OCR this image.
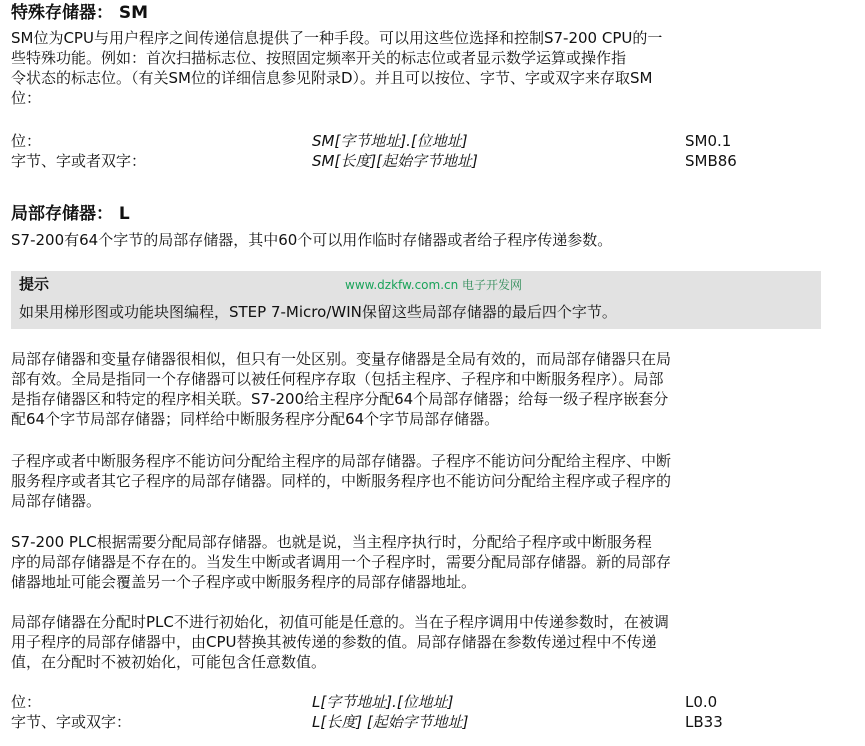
特殊存储器： SM
SM位为CPU与用户程序之间传递信息提供了一种手段。可以用这些位选择和控制S7-200 CPU的一
些特殊功能。例如：首次扫描标志位、按照固定频率开关的标志位或者显示数学运算或操作指
令状态的标志位。（有关SM位的详细信息参见附录D）。并且可以按位、字节、字或双字来存取SM
位：
位：	SM[字节地址].[位地址]	SM0.1
字节、字或者双字：	SM[长度][起始字节地址]	SMB86
局部存储器： L
S7-200有64个字节的局部存储器，其中60个可以用作临时存储器或者给子程序传递参数。
提示
如果用梯形图或功能块图编程，STEP 7-Micro/WIN保留这些局部存储器的最后四个字节。
www.dzkfw.com.cn 电子开发网
局部存储器和变量存储器很相似，但只有一处区别。变量存储器是全局有效的，而局部存储器只在局
部有效。全局是指同一个存储器可以被任何程序存取（包括主程序、子程序和中断服务程序）。局部
是指存储器区和特定的程序相关联。S7-200给主程序分配64个局部存储器；给每一级子程序嵌套分
配64个字节局部存储器；同样给中断服务程序分配64个字节局部存储器。
子程序或者中断服务程序不能访问分配给主程序的局部存储器。子程序不能访问分配给主程序、中断
服务程序或者其它子程序的局部存储器。同样的，中断服务程序也不能访问分配给主程序或子程序的
局部存储器。
S7-200 PLC根据需要分配局部存储器。也就是说，当主程序执行时，分配给子程序或中断服务程
序的局部存储器是不存在的。当发生中断或者调用一个子程序时，需要分配局部存储器。新的局部存
储器地址可能会覆盖另一个子程序或中断服务程序的局部存储器地址。
局部存储器在分配时PLC不进行初始化，初值可能是任意的。当在子程序调用中传递参数时，在被调
用子程序的局部存储器中，由CPU替换其被传递的参数的值。局部存储器在参数传递过程中不传递
值，在分配时不被初始化，可能包含任意数值。
位：	L[字节地址].[位地址]	L0.0
字节、字或双字：	L[长度] [起始字节地址]	LB33
